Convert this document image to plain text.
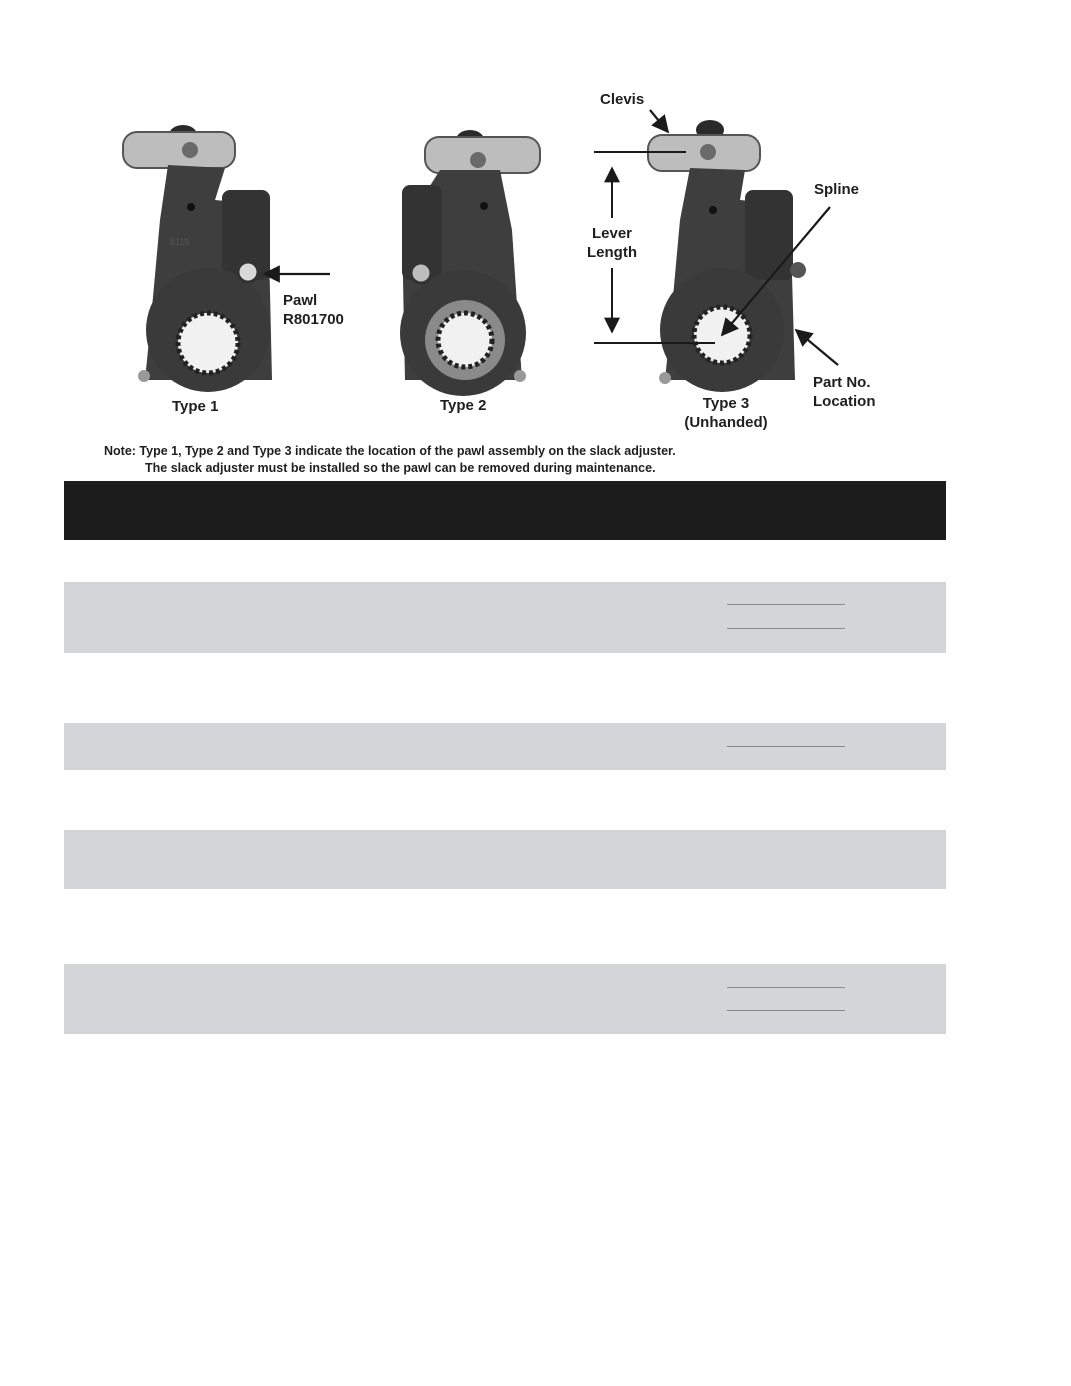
8115
Clevis
Spline
Lever
Length
Pawl
R801700
Part No.
Location
Type 1	Type 2	Type 3
(Unhanded)
Note: Type 1, Type 2 and Type 3 indicate the location of the pawl assembly on the slack adjuster.
The slack adjuster must be installed so the pawl can be removed during maintenance.
